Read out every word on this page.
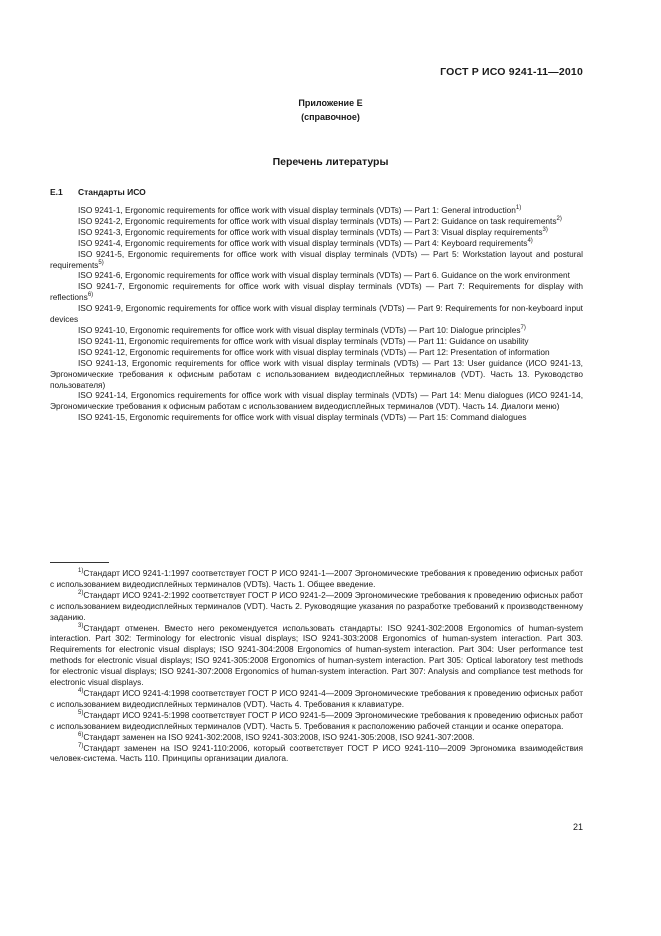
ГОСТ Р ИСО 9241-11—2010
Приложение Е
(справочное)
Перечень литературы
Е.1 Стандарты ИСО

ISO 9241-1, Ergonomic requirements for office work with visual display terminals (VDTs) — Part 1: General introduction$^{1)}$

ISO 9241-2, Ergonomic requirements for office work with visual display terminals (VDTs) — Part 2: Guidance on task requirements$^{2)}$

ISO 9241-3, Ergonomic requirements for office work with visual display terminals (VDTs) — Part 3: Visual display requirements$^{3)}$

ISO 9241-4, Ergonomic requirements for office work with visual display terminals (VDTs) — Part 4: Keyboard requirements$^{4)}$

ISO 9241-5, Ergonomic requirements for office work with visual display terminals (VDTs) — Part 5: Workstation layout and postural requirements$^{5)}$

ISO 9241-6, Ergonomic requirements for office work with visual display terminals (VDTs) — Part 6. Guidance on the work environment

ISO 9241-7, Ergonomic requirements for office work with visual display terminals (VDTs) — Part 7: Requirements for display with reflections$^{6)}$

ISO 9241-9, Ergonomic requirements for office work with visual display terminals (VDTs) — Part 9: Requirements for non-keyboard input devices

ISO 9241-10, Ergonomic requirements for office work with visual display terminals (VDTs) — Part 10: Dialogue principles$^{7)}$

ISO 9241-11, Ergonomic requirements for office work with visual display terminals (VDTs) — Part 11: Guidance on usability

ISO 9241-12, Ergonomic requirements for office work with visual display terminals (VDTs) — Part 12: Presentation of information

ISO 9241-13, Ergonomic requirements for office work with visual display terminals (VDTs) — Part 13: User guidance (ИСО 9241-13, Эргономические требования к офисным работам с использованием видеодисплейных терминалов (VDT). Часть 13. Руководство пользователя)

ISO 9241-14, Ergonomics requirements for office work with visual display terminals (VDTs) — Part 14: Menu dialogues (ИСО 9241-14, Эргономические требования к офисным работам с использованием видеодисплейных терминалов (VDT). Часть 14. Диалоги меню)

ISO 9241-15, Ergonomic requirements for office work with visual display terminals (VDTs) — Part 15: Command dialogues

$^{1)}$Стандарт ИСО 9241-1:1997 соответствует ГОСТ Р ИСО 9241-1—2007 Эргономические требования к проведению офисных работ с использованием видеодисплейных терминалов (VDTs). Часть 1. Общее введение.

$^{2)}$Стандарт ИСО 9241-2:1992 соответствует ГОСТ Р ИСО 9241-2—2009 Эргономические требования к проведению офисных работ с использованием видеодисплейных терминалов (VDT). Часть 2. Руководящие указания по разработке требований к производственному заданию.

$^{3)}$Стандарт отменен. Вместо него рекомендуется использовать стандарты: ISO 9241-302:2008 Ergonomics of human-system interaction. Part 302: Terminology for electronic visual displays; ISO 9241-303:2008 Ergonomics of human-system interaction. Part 303. Requirements for electronic visual displays; ISO 9241-304:2008 Ergonomics of human-system interaction. Part 304: User performance test methods for electronic visual displays; ISO 9241-305:2008 Ergonomics of human-system interaction. Part 305: Optical laboratory test methods for electronic visual displays; ISO 9241-307:2008 Ergonomics of human-system interaction. Part 307: Analysis and compliance test methods for electronic visual displays.

$^{4)}$Стандарт ИСО 9241-4:1998 соответствует ГОСТ Р ИСО 9241-4—2009 Эргономические требования к проведению офисных работ с использованием видеодисплейных терминалов (VDT). Часть 4. Требования к клавиатуре.

$^{5)}$Стандарт ИСО 9241-5:1998 соответствует ГОСТ Р ИСО 9241-5—2009 Эргономические требования к проведению офисных работ с использованием видеодисплейных терминалов (VDT). Часть 5. Требования к расположению рабочей станции и осанке оператора.

$^{6)}$Стандарт заменен на ISO 9241-302:2008, ISO 9241-303:2008, ISO 9241-305:2008, ISO 9241-307:2008.

$^{7)}$Стандарт заменен на ISO 9241-110:2006, который соответствует ГОСТ Р ИСО 9241-110—2009 Эргономика взаимодействия человек-система. Часть 110. Принципы организации диалога.

21
